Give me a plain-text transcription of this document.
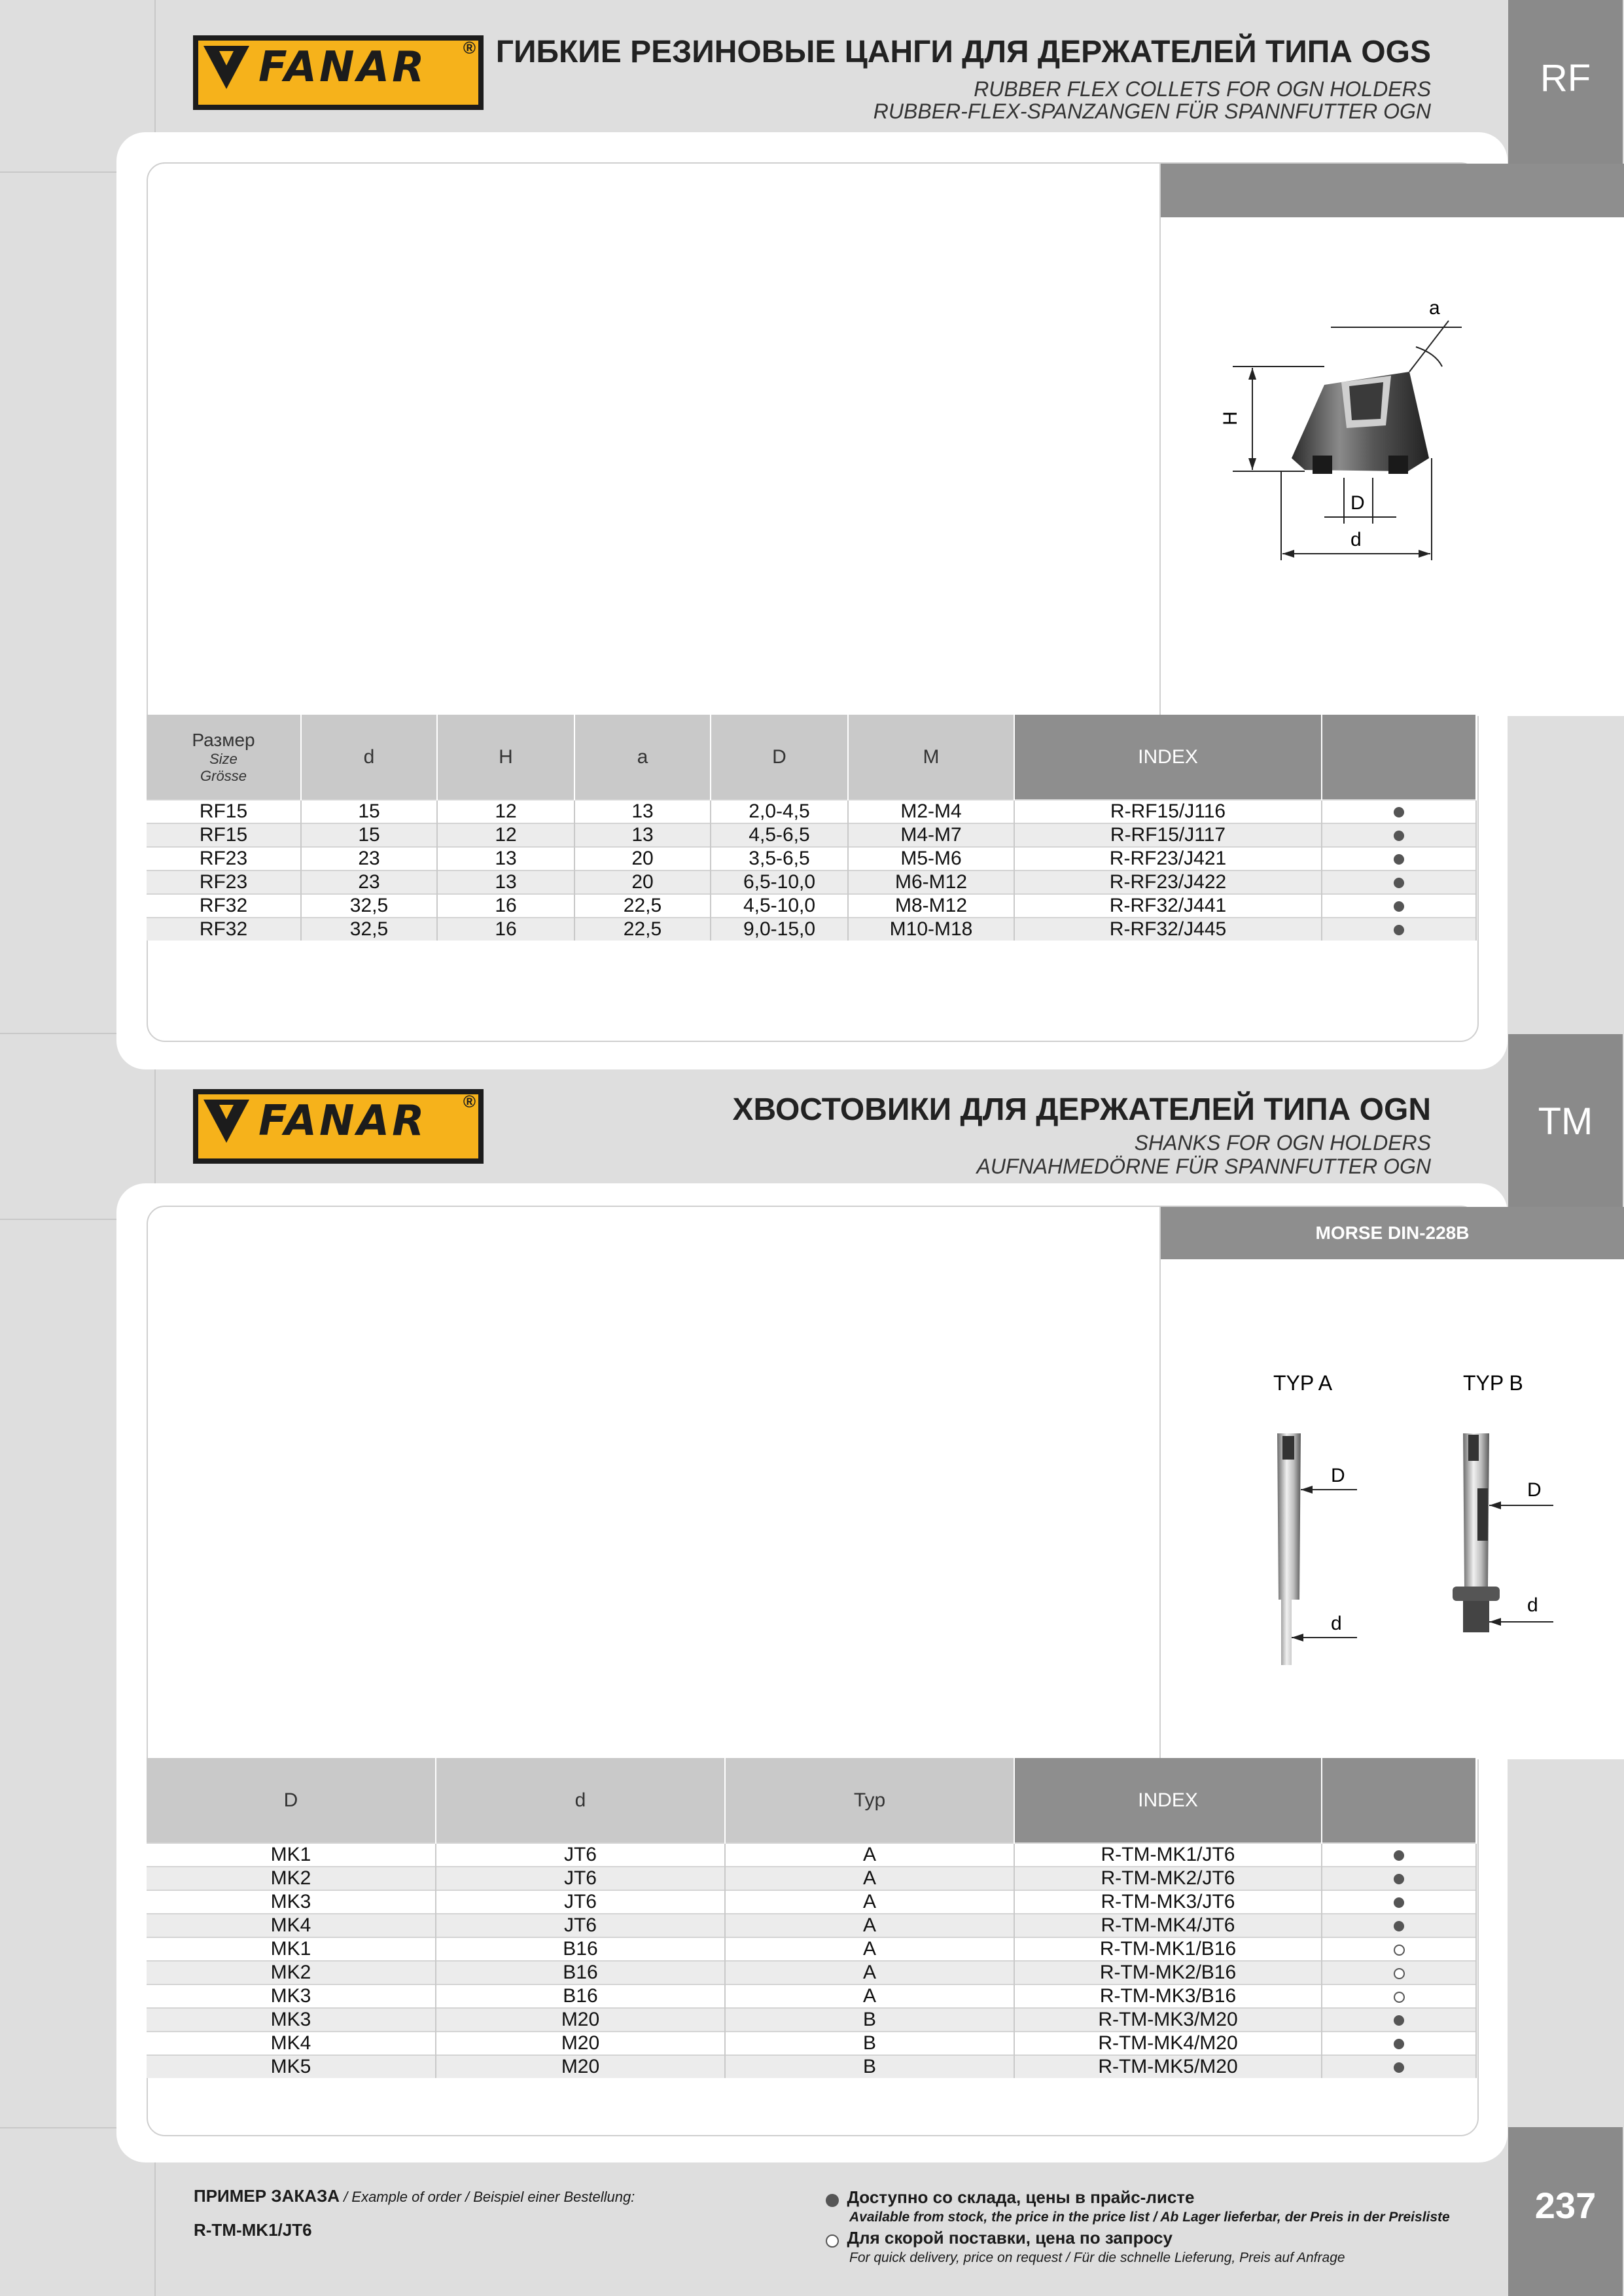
FANAR ® ГИБКИЕ РЕЗИНОВЫЕ ЦАНГИ ДЛЯ ДЕРЖАТЕЛЕЙ ТИПА OGS
RUBBER FLEX COLLETS FOR OGN HOLDERS
RUBBER-FLEX-SPANZANGEN FÜR SPANNFUTTER OGN
RF
H
a
D
d
Размер
Size
Grösse	d	H	a	D	M	INDEX	
RF15	15	12	13	2,0-4,5	M2-M4	R-RF15/J116	
RF15	15	12	13	4,5-6,5	M4-M7	R-RF15/J117	
RF23	23	13	20	3,5-6,5	M5-M6	R-RF23/J421	
RF23	23	13	20	6,5-10,0	M6-M12	R-RF23/J422	
RF32	32,5	16	22,5	4,5-10,0	M8-M12	R-RF32/J441	
RF32	32,5	16	22,5	9,0-15,0	M10-M18	R-RF32/J445	
FANAR ®	ХВОСТОВИКИ ДЛЯ ДЕРЖАТЕЛЕЙ ТИПА OGN
SHANKS FOR OGN HOLDERS
AUFNAHMEDÖRNE FÜR SPANNFUTTER OGN
TM
MORSE DIN-228B
TYP A	TYP B
D
d
D
d
D	d	Typ	INDEX	
MK1	JT6	A	R-TM-MK1/JT6	
MK2	JT6	A	R-TM-MK2/JT6	
MK3	JT6	A	R-TM-MK3/JT6	
MK4	JT6	A	R-TM-MK4/JT6	
MK1	B16	A	R-TM-MK1/B16	
MK2	B16	A	R-TM-MK2/B16	
MK3	B16	A	R-TM-MK3/B16	
MK3	M20	B	R-TM-MK3/M20	
MK4	M20	B	R-TM-MK4/M20	
MK5	M20	B	R-TM-MK5/M20	
ПРИМЕР ЗАКАЗА / Example of order / Beispiel einer Bestellung:
R-TM-MK1/JT6
Доступно со склада, цены в прайс-листе
Available from stock, the price in the price list / Ab Lager lieferbar, der Preis in der Preisliste
Для скорой поставки, цена по запросу
For quick delivery, price on request / Für die schnelle Lieferung, Preis auf Anfrage
237
